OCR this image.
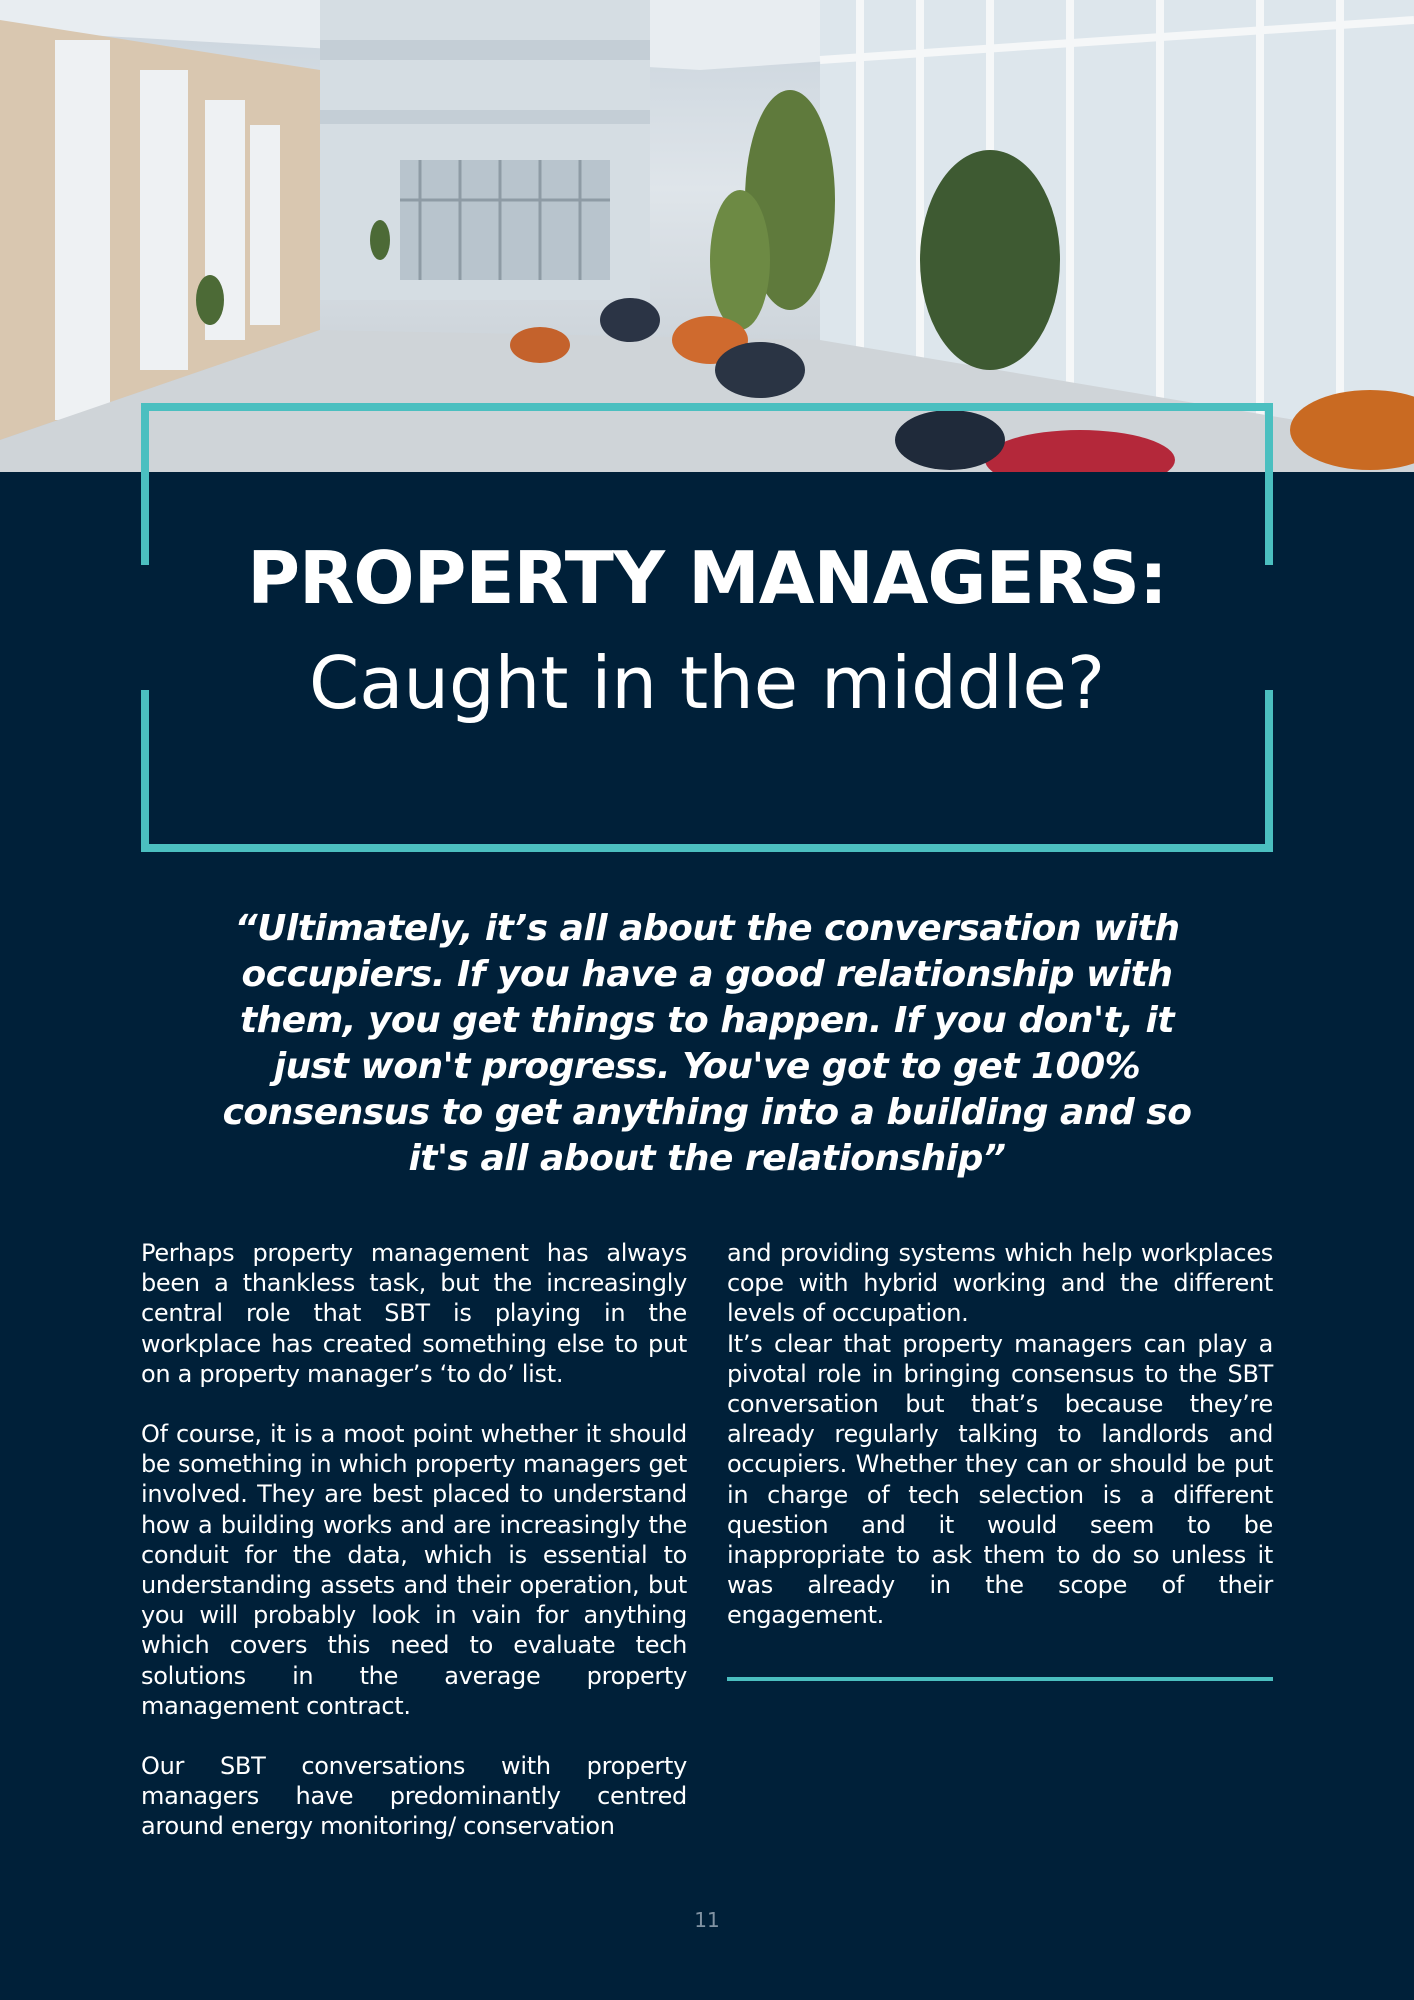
PROPERTY MANAGERS:
Caught in the middle?
“Ultimately, it’s all about the conversation with occupiers. If you have a good relationship with them, you get things to happen. If you don't, it just won't progress. You've got to get 100% consensus to get anything into a building and so it's all about the relationship”

Perhaps property management has always been a thankless task, but the increasingly central role that SBT is playing in the workplace has created something else to put on a property manager’s ‘to do’ list.

Of course, it is a moot point whether it should be something in which property managers get involved. They are best placed to understand how a building works and are increasingly the conduit for the data, which is essential to understanding assets and their operation, but you will probably look in vain for anything which covers this need to evaluate tech solutions in the average property management contract.

Our SBT conversations with property managers have predominantly centred around energy monitoring/ conservation

and providing systems which help workplaces cope with hybrid working and the different levels of occupation.

It’s clear that property managers can play a pivotal role in bringing consensus to the SBT conversation but that’s because they’re already regularly talking to landlords and occupiers. Whether they can or should be put in charge of tech selection is a different question and it would seem to be inappropriate to ask them to do so unless it was already in the scope of their engagement.

11
